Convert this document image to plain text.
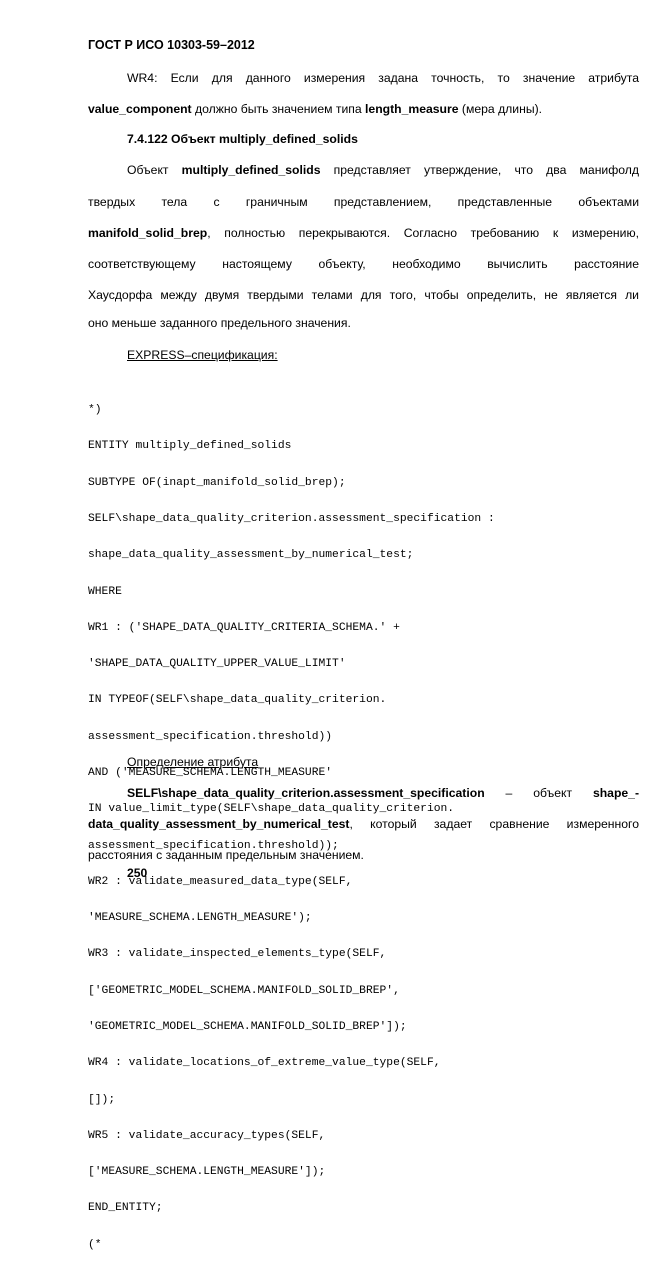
ГОСТ Р ИСО 10303-59–2012
WR4: Если для данного измерения задана точность, то значение атрибута
value_component должно быть значением типа length_measure (мера длины).
7.4.122 Объект multiply_defined_solids
Объект multiply_defined_solids представляет утверждение, что два манифолд
твердых тела с граничным представлением, представленные объектами
manifold_solid_brep, полностью перекрываются. Согласно требованию к измерению,
соответствующему настоящему объекту, необходимо вычислить расстояние
Хаусдорфа между двумя твердыми телами для того, чтобы определить, не является ли
оно меньше заданного предельного значения.
EXPRESS–спецификация:

*)

ENTITY multiply_defined_solids

SUBTYPE OF(inapt_manifold_solid_brep);

SELF\shape_data_quality_criterion.assessment_specification :

shape_data_quality_assessment_by_numerical_test;

WHERE

WR1 : ('SHAPE_DATA_QUALITY_CRITERIA_SCHEMA.' +

'SHAPE_DATA_QUALITY_UPPER_VALUE_LIMIT'

IN TYPEOF(SELF\shape_data_quality_criterion.

assessment_specification.threshold))

AND ('MEASURE_SCHEMA.LENGTH_MEASURE'

IN value_limit_type(SELF\shape_data_quality_criterion.

assessment_specification.threshold));

WR2 : validate_measured_data_type(SELF,

'MEASURE_SCHEMA.LENGTH_MEASURE');

WR3 : validate_inspected_elements_type(SELF,

['GEOMETRIC_MODEL_SCHEMA.MANIFOLD_SOLID_BREP',

'GEOMETRIC_MODEL_SCHEMA.MANIFOLD_SOLID_BREP']);

WR4 : validate_locations_of_extreme_value_type(SELF,

[]);

WR5 : validate_accuracy_types(SELF,

['MEASURE_SCHEMA.LENGTH_MEASURE']);

END_ENTITY;

(*

Определение атрибута
SELF\shape_data_quality_criterion.assessment_specification – объект shape_-
data_quality_assessment_by_numerical_test, который задает сравнение измеренного
расстояния с заданным предельным значением.
250
